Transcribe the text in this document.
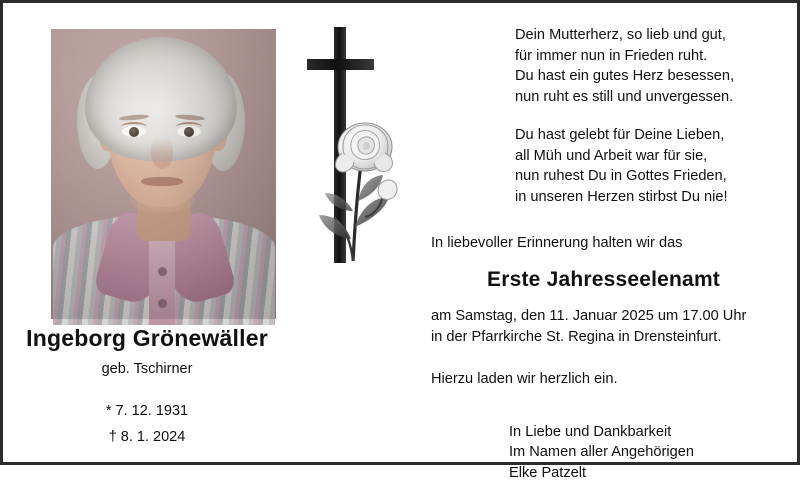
Ingeborg Grönewäller
geb. Tschirner
* 7. 12. 1931
† 8. 1. 2024

Dein Mutterherz, so lieb und gut,

für immer nun in Frieden ruht.

Du hast ein gutes Herz besessen,

nun ruht es still und unvergessen.

Du hast gelebt für Deine Lieben,

all Müh und Arbeit war für sie,

nun ruhest Du in Gottes Frieden,

in unseren Herzen stirbst Du nie!

In liebevoller Erinnerung halten wir das
Erste Jahresseelenamt
am Samstag, den 11. Januar 2025 um 17.00 Uhr
in der Pfarrkirche St. Regina in Drensteinfurt.
Hierzu laden wir herzlich ein.

In Liebe und Dankbarkeit

Im Namen aller Angehörigen

Elke Patzelt
